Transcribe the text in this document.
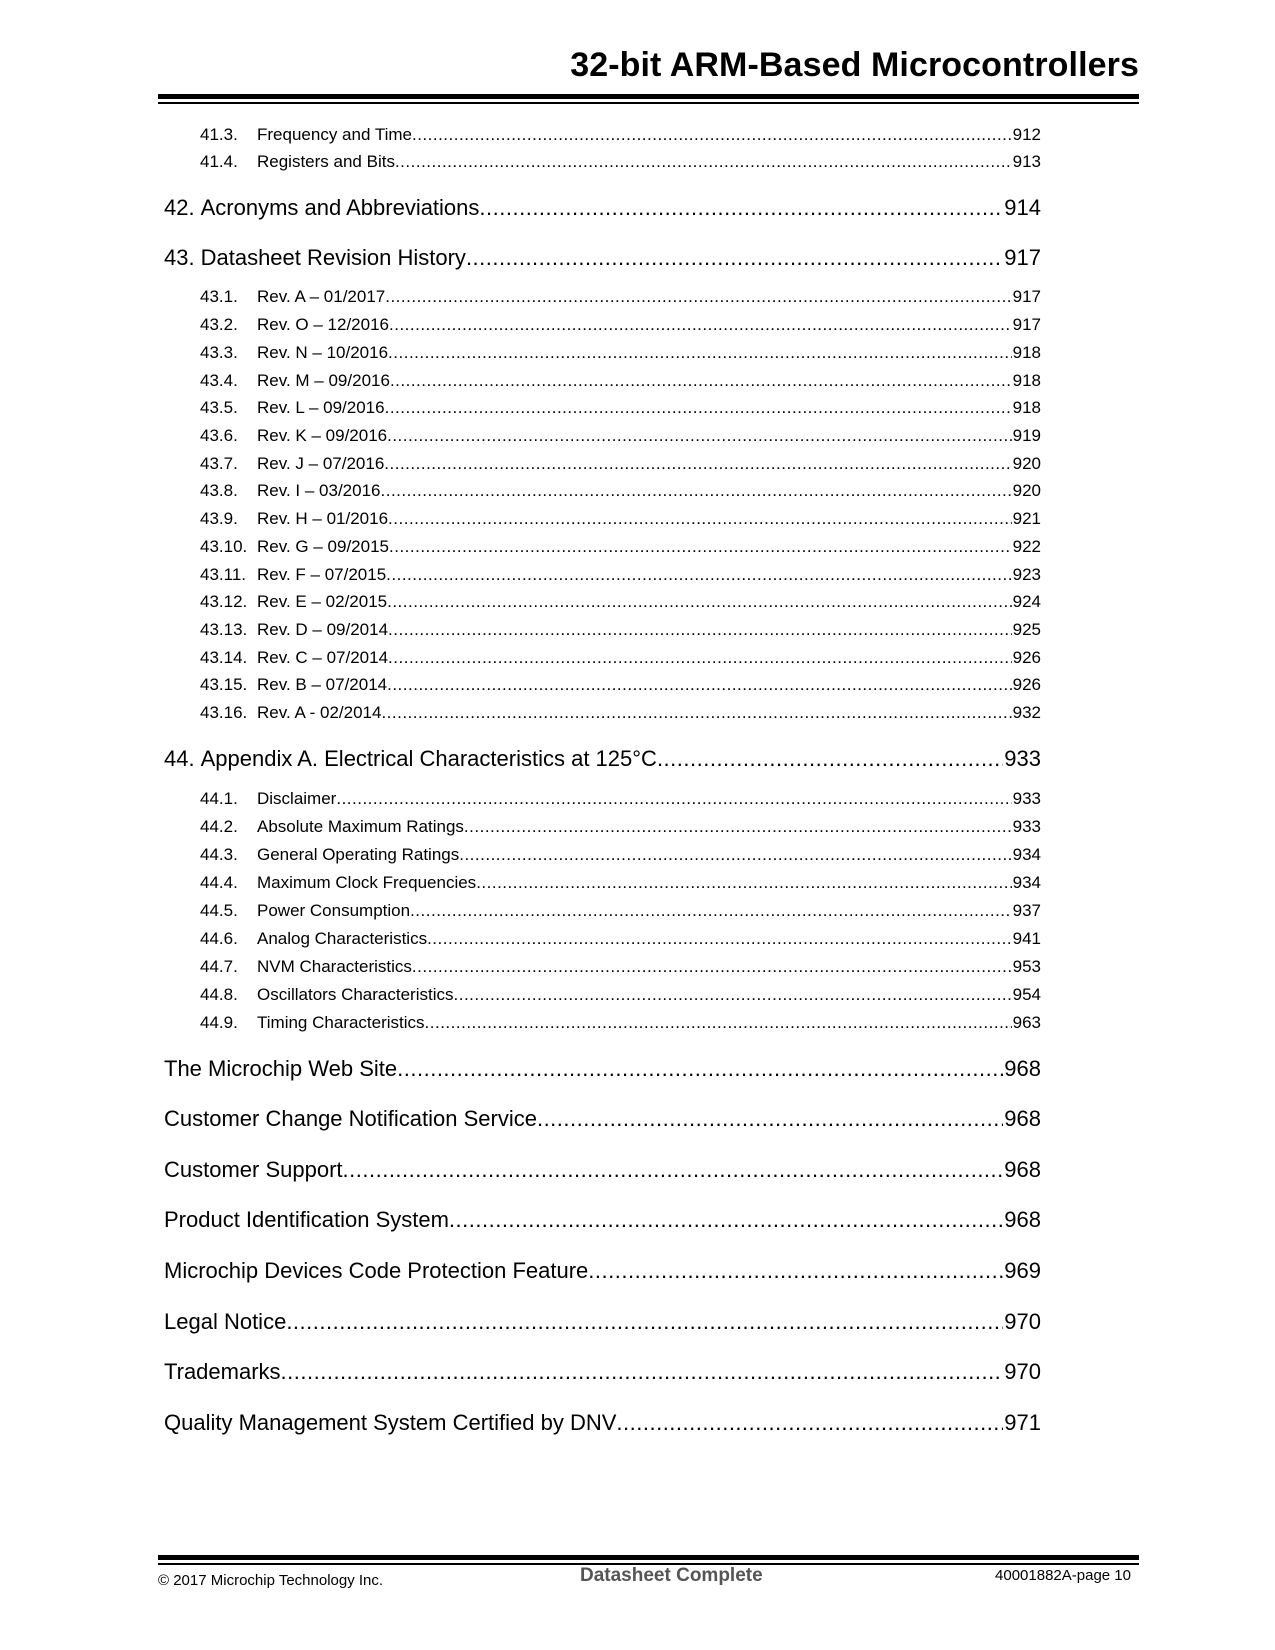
32-bit ARM-Based Microcontrollers
41.3.	Frequency and Time .....	912
41.4.	Registers and Bits .....	913
42. Acronyms and Abbreviations .....	914
43. Datasheet Revision History .....	917
43.1.	Rev. A – 01/2017 .....	917
43.2.	Rev. O – 12/2016 .....	917
43.3.	Rev. N – 10/2016 .....	918
43.4.	Rev. M – 09/2016 .....	918
43.5.	Rev. L – 09/2016 .....	918
43.6.	Rev. K – 09/2016 .....	919
43.7.	Rev. J – 07/2016 .....	920
43.8.	Rev. I – 03/2016 .....	920
43.9.	Rev. H – 01/2016 .....	921
43.10. Rev. G – 09/2015 .....	922
43.11. Rev. F – 07/2015 .....	923
43.12. Rev. E – 02/2015 .....	924
43.13. Rev. D – 09/2014 .....	925
43.14. Rev. C – 07/2014 .....	926
43.15. Rev. B – 07/2014 .....	926
43.16. Rev. A - 02/2014 .....	932
44. Appendix A. Electrical Characteristics at 125°C .....	933
44.1.	Disclaimer .....	933
44.2.	Absolute Maximum Ratings .....	933
44.3.	General Operating Ratings .....	934
44.4.	Maximum Clock Frequencies .....	934
44.5.	Power Consumption .....	937
44.6.	Analog Characteristics .....	941
44.7.	NVM Characteristics .....	953
44.8.	Oscillators Characteristics .....	954
44.9.	Timing Characteristics .....	963
The Microchip Web Site .....	968
Customer Change Notification Service .....	968
Customer Support .....	968
Product Identification System .....	968
Microchip Devices Code Protection Feature .....	969
Legal Notice .....	970
Trademarks .....	970
Quality Management System Certified by DNV .....	971
© 2017 Microchip Technology Inc.	Datasheet Complete	40001882A-page 10
